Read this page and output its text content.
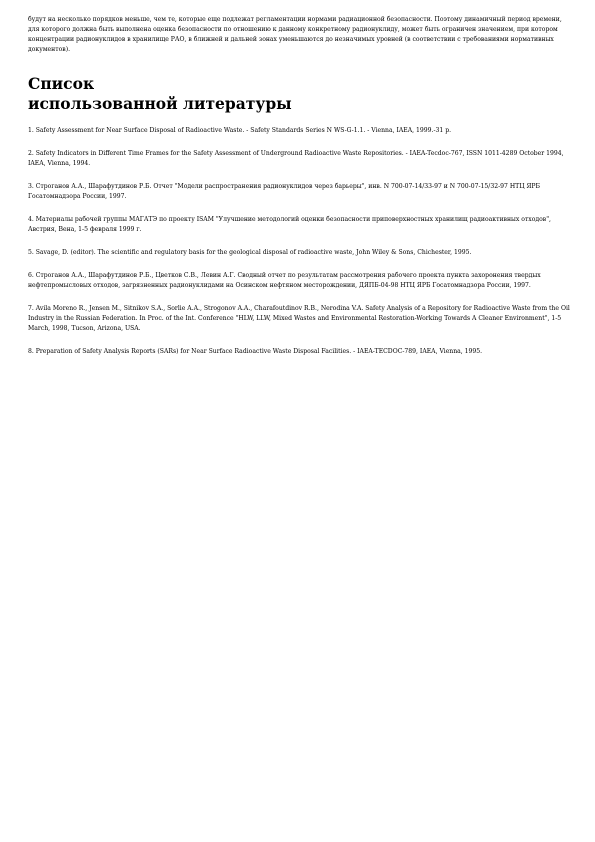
будут на несколько порядков меньше, чем те, которые еще подлежат регламентации нормами радиационной безопасности. Поэтому динамичный период времени, для которого должна быть выполнена оценка безопасности по отношению к данному конкретному радионуклиду, может быть ограничен значением, при котором концентрации радионуклидов в хранилище РАО, в ближней и дальней зонах уменьшаются до незначимых уровней (в соответствии с требованиями нормативных документов).

Список
использованной литературы
1. Safety Assessment for Near Surface Disposal of Radioactive Waste. - Safety Standards Series N WS-G-1.1. - Vienna, IAEA, 1999.-31 p.
2. Safety Indicators in Different Time Frames for the Safety Assessment of Underground Radioactive Waste Repositories. - IAEA-Tecdoc-767, ISSN 1011-4289 October 1994, IAEA, Vienna, 1994.
3. Строганов А.А., Шарафутдинов Р.Б. Отчет "Модели распространения радионуклидов через барьеры", инв. N 700-07-14/33-97 и N 700-07-15/32-97 НТЦ ЯРБ Госатомнадзора России, 1997.
4. Материалы рабочей группы МАГАТЭ по проекту ISAM "Улучшение методологий оценки безопасности приповерхностных хранилищ радиоактивных отходов", Австрия, Вена, 1-5 февраля 1999 г.
5. Savage, D. (editor). The scientific and regulatory basis for the geological disposal of radioactive waste, John Wiley & Sons, Chichester, 1995.
6. Строганов А.А., Шарафутдинов Р.Б., Цветков С.В., Левин А.Г. Сводный отчет по результатам рассмотрения рабочего проекта пункта захоронения твердых нефтепромысловых отходов, загрязненных радионуклидами на Осинском нефтяном месторождении, ДЯПБ-04-98 НТЦ ЯРБ Госатомнадзора России, 1997.
7. Avila Moreno R., Jensen M., Sitnikov S.A., Sorlie A.A., Strogonov A.A., Charafoutdinov R.B., Nerodina V.A. Safety Analysis of a Repository for Radioactive Waste from the Oil Industry in the Russian Federation. In Proc. of the Int. Conference "HLW, LLW, Mixed Wastes and Environmental Restoration-Working Towards A Cleaner Environment", 1-5 March, 1998, Tucson, Arizona, USA.
8. Preparation of Safety Analysis Reports (SARs) for Near Surface Radioactive Waste Disposal Facilities. - IAEA-TECDOC-789, IAEA, Vienna, 1995.
